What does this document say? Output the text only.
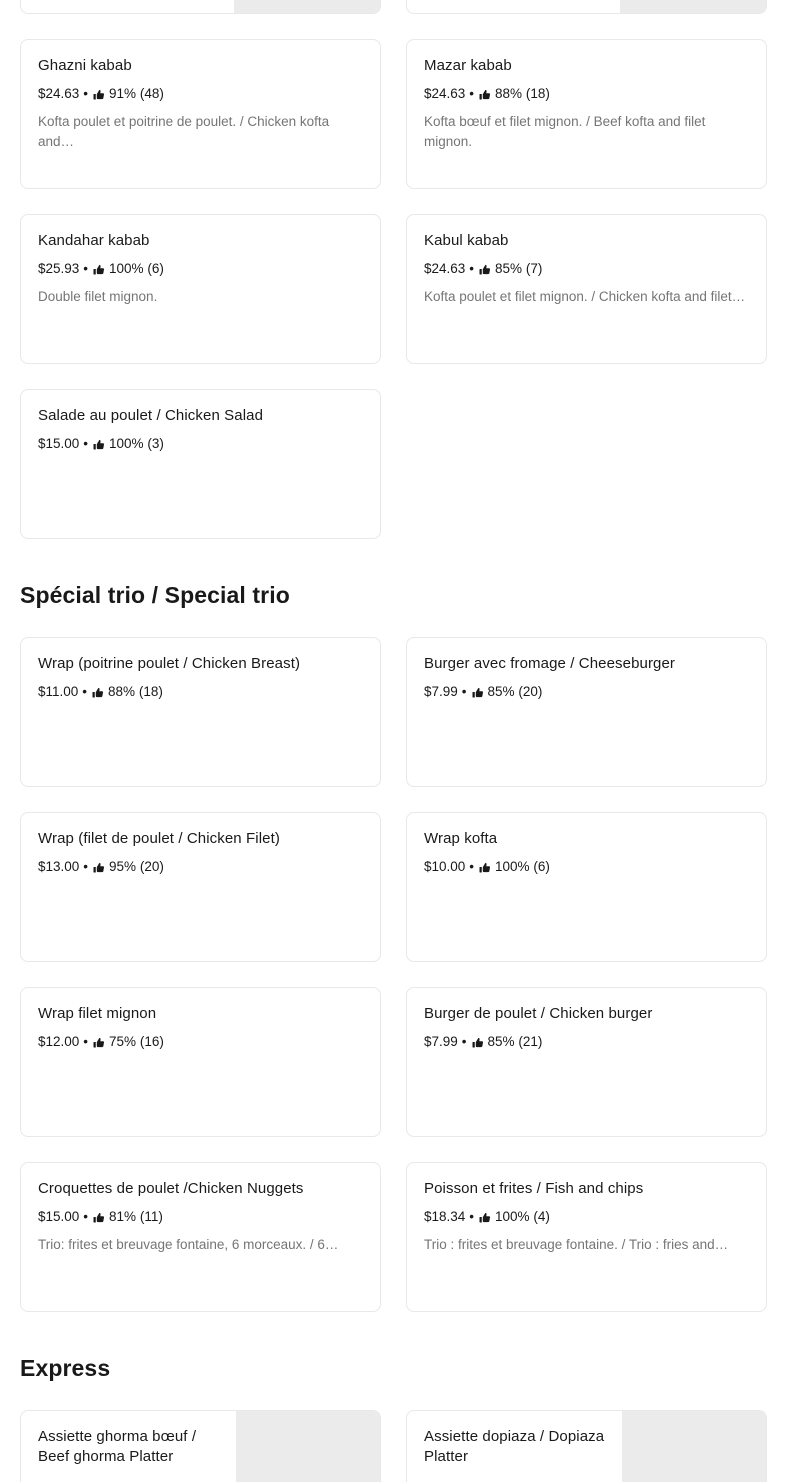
Ghazni kabab
$24.63 • 91%
(48)
Kofta poulet et poitrine de poulet. / Chicken kofta and…
Mazar kabab
$24.63 • 88%
(18)
Kofta bœuf et filet mignon. / Beef kofta and filet mignon.
Kandahar kabab
$25.93 • 100%
(6)
Double filet mignon.
Kabul kabab
$24.63 • 85%
(7)
Kofta poulet et filet mignon. / Chicken kofta and filet…
Salade au poulet / Chicken Salad
$15.00 • 100%
(3)
Spécial trio / Special trio
Wrap (poitrine poulet / Chicken Breast)
$11.00 • 88%
(18)
Burger avec fromage / Cheeseburger
$7.99 • 85%
(20)
Wrap (filet de poulet / Chicken Filet)
$13.00 • 95%
(20)
Wrap kofta
$10.00 • 100%
(6)
Wrap filet mignon
$12.00 • 75%
(16)
Burger de poulet / Chicken burger
$7.99 • 85%
(21)
Croquettes de poulet /Chicken Nuggets
$15.00 • 81%
(11)
Trio: frites et breuvage fontaine, 6 morceaux. / 6…
Poisson et frites / Fish and chips
$18.34 • 100%
(4)
Trio : frites et breuvage fontaine. / Trio : fries and…
Express
Assiette ghorma bœuf / Beef ghorma Platter
Assiette dopiaza / Dopiaza Platter
